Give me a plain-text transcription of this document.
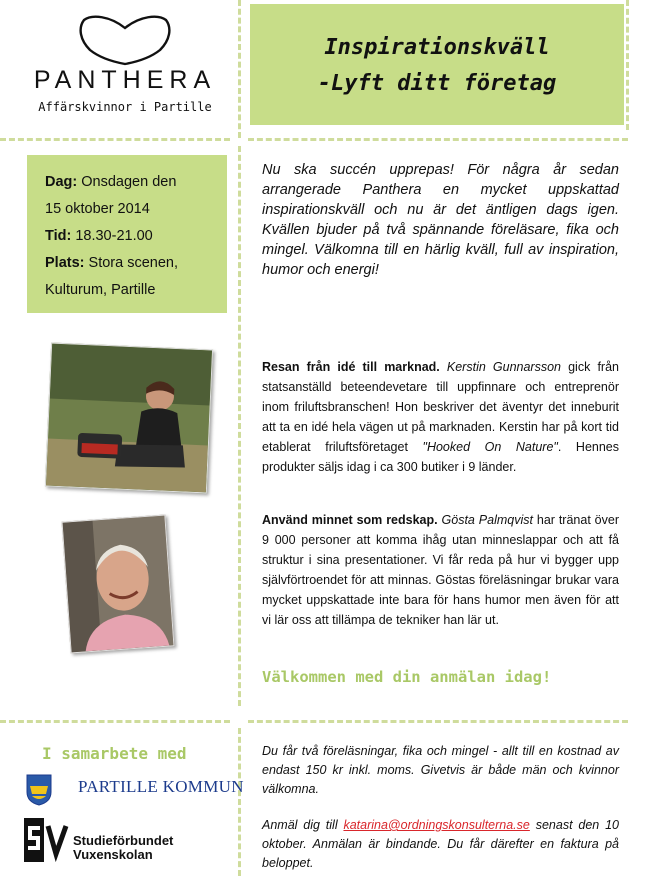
PANTHERA
Affärskvinnor i Partille
Inspirationskväll
-Lyft ditt företag
Dag: Onsdagen den
15 oktober 2014
Tid: 18.30-21.00
Plats: Stora scenen,
Kulturum, Partille
Nu ska succén upprepas! För några år sedan arrangerade Panthera en mycket uppskattad inspirationskväll och nu är det äntligen dags igen. Kvällen bjuder på två spännande föreläsare, fika och mingel. Välkomna till en härlig kväll, full av inspiration, humor och energi!
Resan från idé till marknad. Kerstin Gunnarsson gick från statsanställd beteendevetare till uppfinnare och entreprenör inom friluftsbranschen! Hon beskriver det äventyr det inneburit att ta en idé hela vägen ut på marknaden. Kerstin har på kort tid etablerat friluftsföretaget "Hooked On Nature". Hennes produkter säljs idag i ca 300 butiker i 9 länder.
Använd minnet som redskap. Gösta Palmqvist har tränat över 9 000 personer att komma ihåg utan minneslappar och att få struktur i sina presentationer. Vi får reda på hur vi bygger upp självförtroendet för att minnas. Göstas föreläsningar brukar vara mycket uppskattade inte bara för hans humor men även för att vi lär oss att tillämpa de tekniker han lär ut.
Välkommen med din anmälan idag!
I samarbete med
PARTILLE KOMMUN
Studieförbundet
Vuxenskolan
Du får två föreläsningar, fika och mingel - allt till en kostnad av endast 150 kr inkl. moms. Givetvis är både män och kvinnor välkomna.
Anmäl dig till katarina@ordningskonsulterna.se senast den 10 oktober. Anmälan är bindande. Du får därefter en faktura på beloppet.
